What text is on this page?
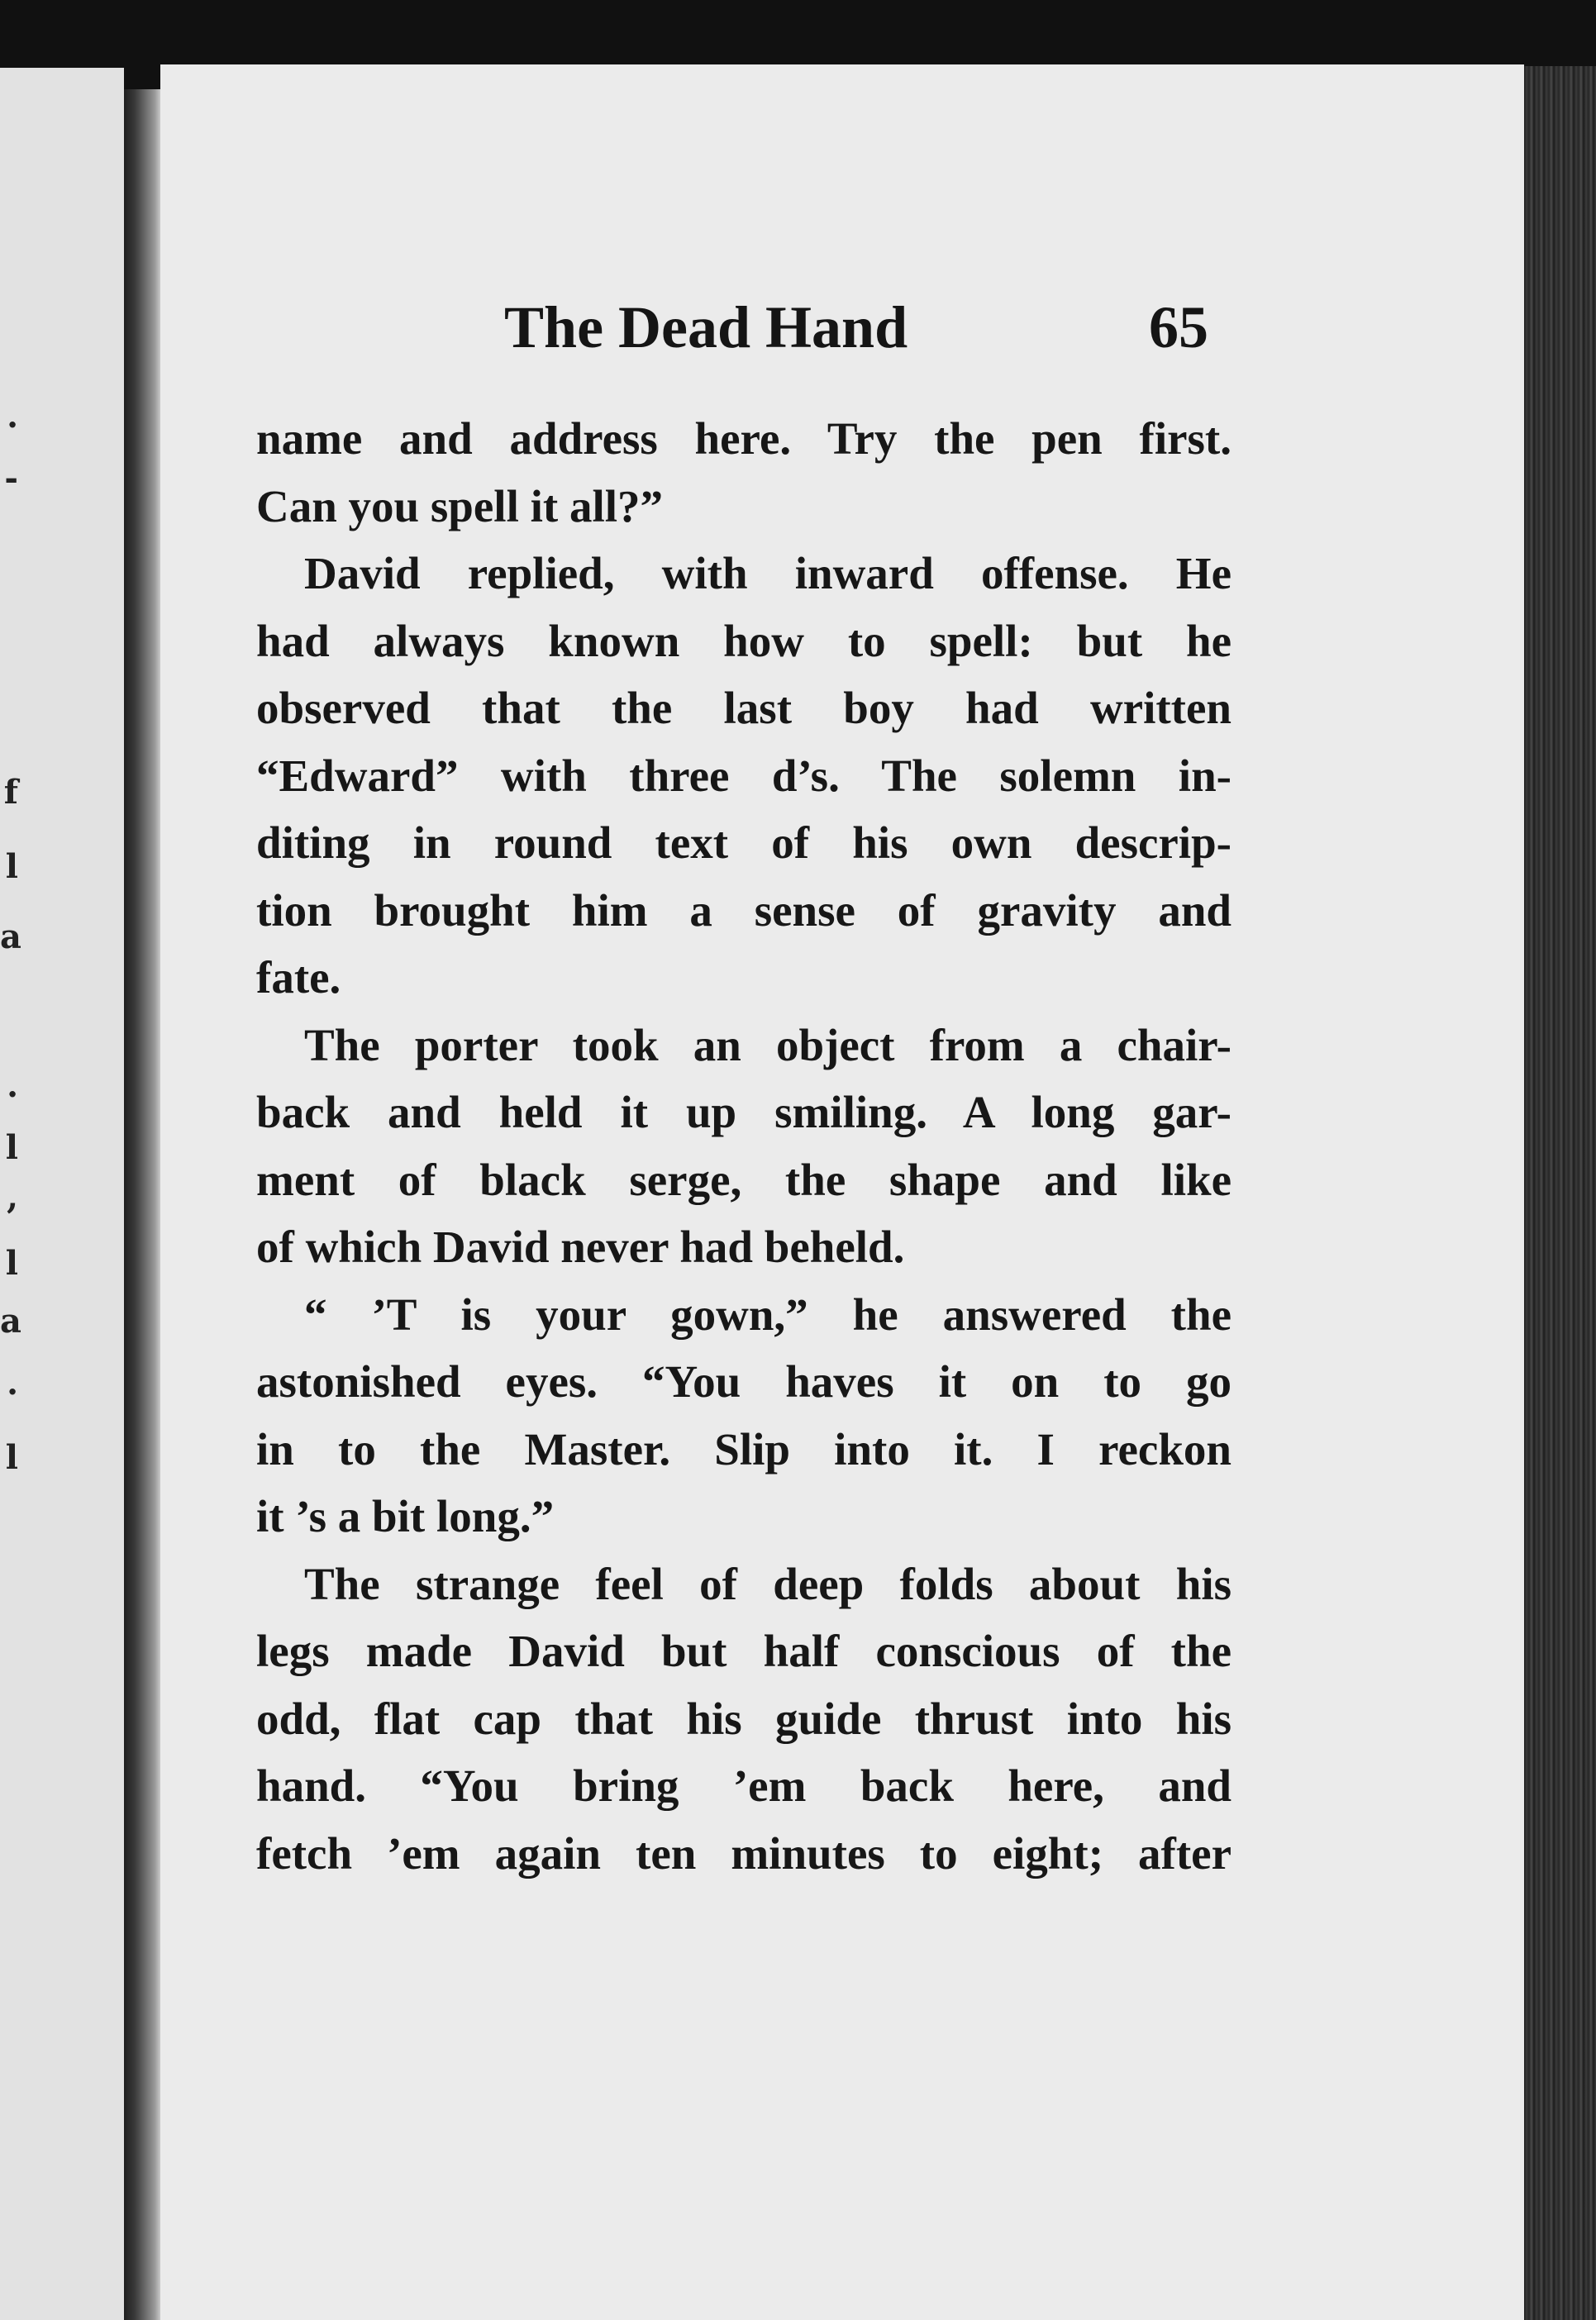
.
-
f
l
a
.
l
,
l
a
.
l
The Dead Hand	65
name and address here. Try the pen first.
Can you spell it all?”
David replied, with inward offense. He
had always known how to spell: but he
observed that the last boy had written
“Edward” with three d’s. The solemn in-
diting in round text of his own descrip-
tion brought him a sense of gravity and
fate.
The porter took an object from a chair-
back and held it up smiling. A long gar-
ment of black serge, the shape and like
of which David never had beheld.
“ ’T is your gown,” he answered the
astonished eyes. “You haves it on to go
in to the Master. Slip into it. I reckon
it ’s a bit long.”
The strange feel of deep folds about his
legs made David but half conscious of the
odd, flat cap that his guide thrust into his
hand. “You bring ’em back here, and
fetch ’em again ten minutes to eight; after
